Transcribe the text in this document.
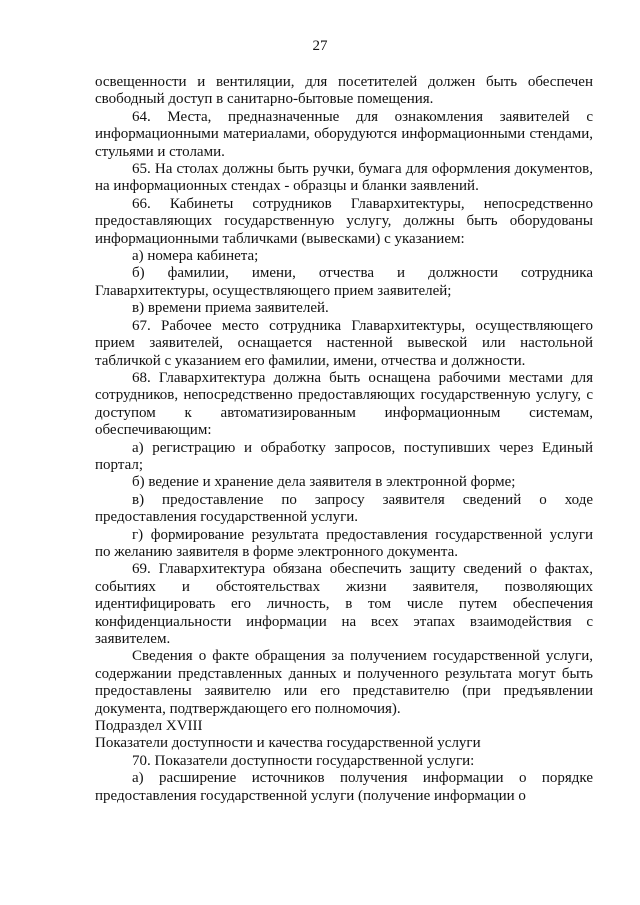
27

освещенности и вентиляции, для посетителей должен быть обеспечен свободный доступ в санитарно-бытовые помещения.

64. Места, предназначенные для ознакомления заявителей с информационными материалами, оборудуются информационными стендами, стульями и столами.

65. На столах должны быть ручки, бумага для оформления документов, на информационных стендах - образцы и бланки заявлений.

66. Кабинеты сотрудников Главархитектуры, непосредственно предоставляющих государственную услугу, должны быть оборудованы информационными табличками (вывесками) с указанием:

а) номера кабинета;

б) фамилии, имени, отчества и должности сотрудника Главархитектуры, осуществляющего прием заявителей;

в) времени приема заявителей.

67. Рабочее место сотрудника Главархитектуры, осуществляющего прием заявителей, оснащается настенной вывеской или настольной табличкой с указанием его фамилии, имени, отчества и должности.

68. Главархитектура должна быть оснащена рабочими местами для сотрудников, непосредственно предоставляющих государственную услугу, с доступом к автоматизированным информационным системам, обеспечивающим:

а) регистрацию и обработку запросов, поступивших через Единый портал;

б) ведение и хранение дела заявителя в электронной форме;

в) предоставление по запросу заявителя сведений о ходе предоставления государственной услуги.

г) формирование результата предоставления государственной услуги по желанию заявителя в форме электронного документа.

69. Главархитектура обязана обеспечить защиту сведений о фактах, событиях и обстоятельствах жизни заявителя, позволяющих идентифицировать его личность, в том числе путем обеспечения конфиденциальности информации на всех этапах взаимодействия с заявителем.

Сведения о факте обращения за получением государственной услуги, содержании представленных данных и полученного результата могут быть предоставлены заявителю или его представителю (при предъявлении документа, подтверждающего его полномочия).

Подраздел XVIII

Показатели доступности и качества государственной услуги

70. Показатели доступности государственной услуги:

а) расширение источников получения информации о порядке предоставления государственной услуги (получение информации о
